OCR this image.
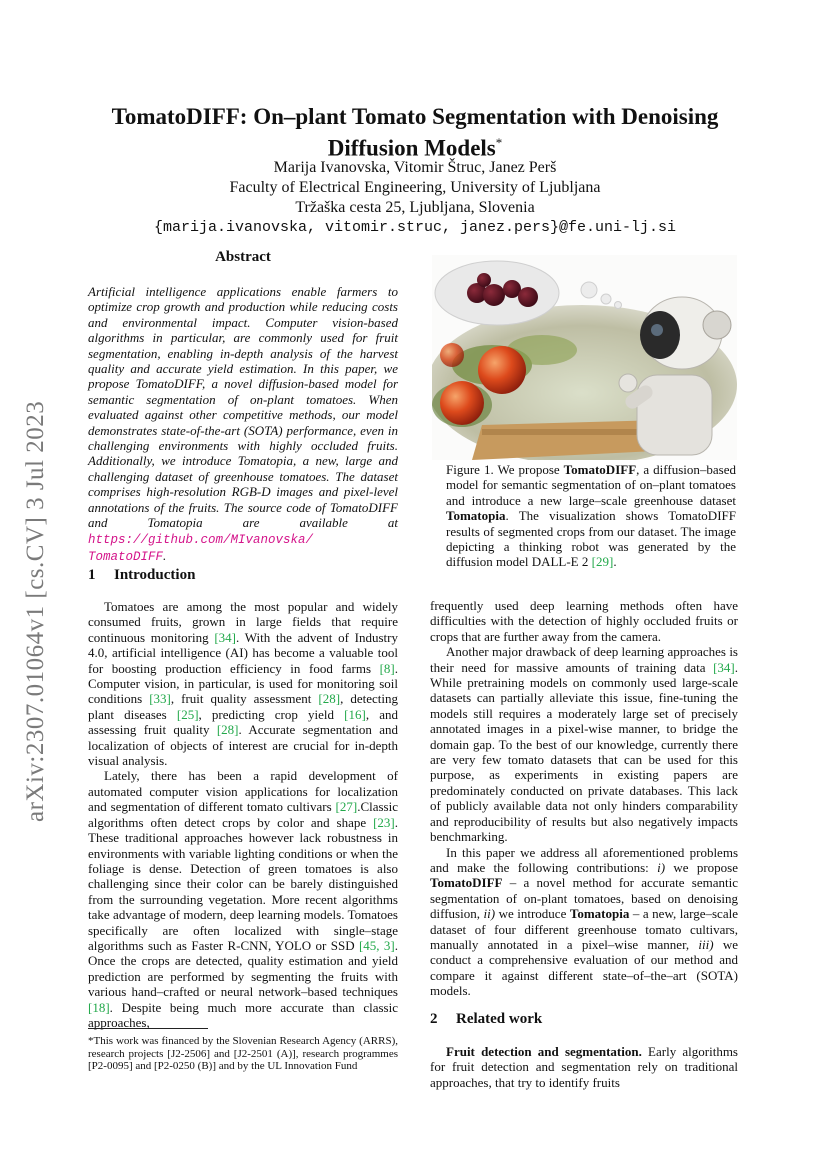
arXiv:2307.01064v1 [cs.CV] 3 Jul 2023
TomatoDIFF: On–plant Tomato Segmentation with Denoising
Diffusion Models*
Marija Ivanovska, Vitomir Štruc, Janez Perš
Faculty of Electrical Engineering, University of Ljubljana
Tržaška cesta 25, Ljubljana, Slovenia
{marija.ivanovska, vitomir.struc, janez.pers}@fe.uni-lj.si
Abstract
Artificial intelligence applications enable farmers to optimize crop growth and production while reducing costs and environmental impact. Computer vision-based algorithms in particular, are commonly used for fruit segmentation, enabling in-depth analysis of the harvest quality and accurate yield estimation. In this paper, we propose TomatoDIFF, a novel diffusion-based model for semantic segmentation of on-plant tomatoes. When evaluated against other competitive methods, our model demonstrates state-of-the-art (SOTA) performance, even in challenging environments with highly occluded fruits. Additionally, we introduce Tomatopia, a new, large and challenging dataset of greenhouse tomatoes. The dataset comprises high-resolution RGB-D images and pixel-level annotations of the fruits. The source code of TomatoDIFF and Tomatopia are available at https://github.com/MIvanovska/ TomatoDIFF.
1 Introduction

Tomatoes are among the most popular and widely consumed fruits, grown in large fields that require continuous monitoring [34]. With the advent of Industry 4.0, artificial intelligence (AI) has become a valuable tool for boosting production efficiency in food farms [8]. Computer vision, in particular, is used for monitoring soil conditions [33], fruit quality assessment [28], detecting plant diseases [25], predicting crop yield [16], and assessing fruit quality [28]. Accurate segmentation and localization of objects of interest are crucial for in-depth visual analysis.

Lately, there has been a rapid development of automated computer vision applications for localization and segmentation of different tomato cultivars [27].Classic algorithms often detect crops by color and shape [23]. These traditional approaches however lack robustness in environments with variable lighting conditions or when the foliage is dense. Detection of green tomatoes is also challenging since their color can be barely distinguished from the surrounding vegetation. More recent algorithms take advantage of modern, deep learning models. Tomatoes specifically are often localized with single–stage algorithms such as Faster R-CNN, YOLO or SSD [45, 3]. Once the crops are detected, quality estimation and yield prediction are performed by segmenting the fruits with various hand–crafted or neural network–based techniques [18]. Despite being much more accurate than classic approaches,

*This work was financed by the Slovenian Research Agency (ARRS), research projects [J2-2506] and [J2-2501 (A)], research programmes [P2-0095] and [P2-0250 (B)] and by the UL Innovation Fund
Figure 1. We propose TomatoDIFF, a diffusion–based model for semantic segmentation of on–plant tomatoes and introduce a new large–scale greenhouse dataset Tomatopia. The visualization shows TomatoDIFF results of segmented crops from our dataset. The image depicting a thinking robot was generated by the diffusion model DALL-E 2 [29].

frequently used deep learning methods often have difficulties with the detection of highly occluded fruits or crops that are further away from the camera.

Another major drawback of deep learning approaches is their need for massive amounts of training data [34]. While pretraining models on commonly used large-scale datasets can partially alleviate this issue, fine-tuning the models still requires a moderately large set of precisely annotated images in a pixel-wise manner, to bridge the domain gap. To the best of our knowledge, currently there are very few tomato datasets that can be used for this purpose, as experiments in existing papers are predominately conducted on private databases. This lack of publicly available data not only hinders comparability and reproducibility of results but also negatively impacts benchmarking.

In this paper we address all aforementioned problems and make the following contributions: i) we propose TomatoDIFF – a novel method for accurate semantic segmentation of on-plant tomatoes, based on denoising diffusion, ii) we introduce Tomatopia – a new, large–scale dataset of four different greenhouse tomato cultivars, manually annotated in a pixel–wise manner, iii) we conduct a comprehensive evaluation of our method and compare it against different state–of–the–art (SOTA) models.

2 Related work

Fruit detection and segmentation. Early algorithms for fruit detection and segmentation rely on traditional approaches, that try to identify fruits
